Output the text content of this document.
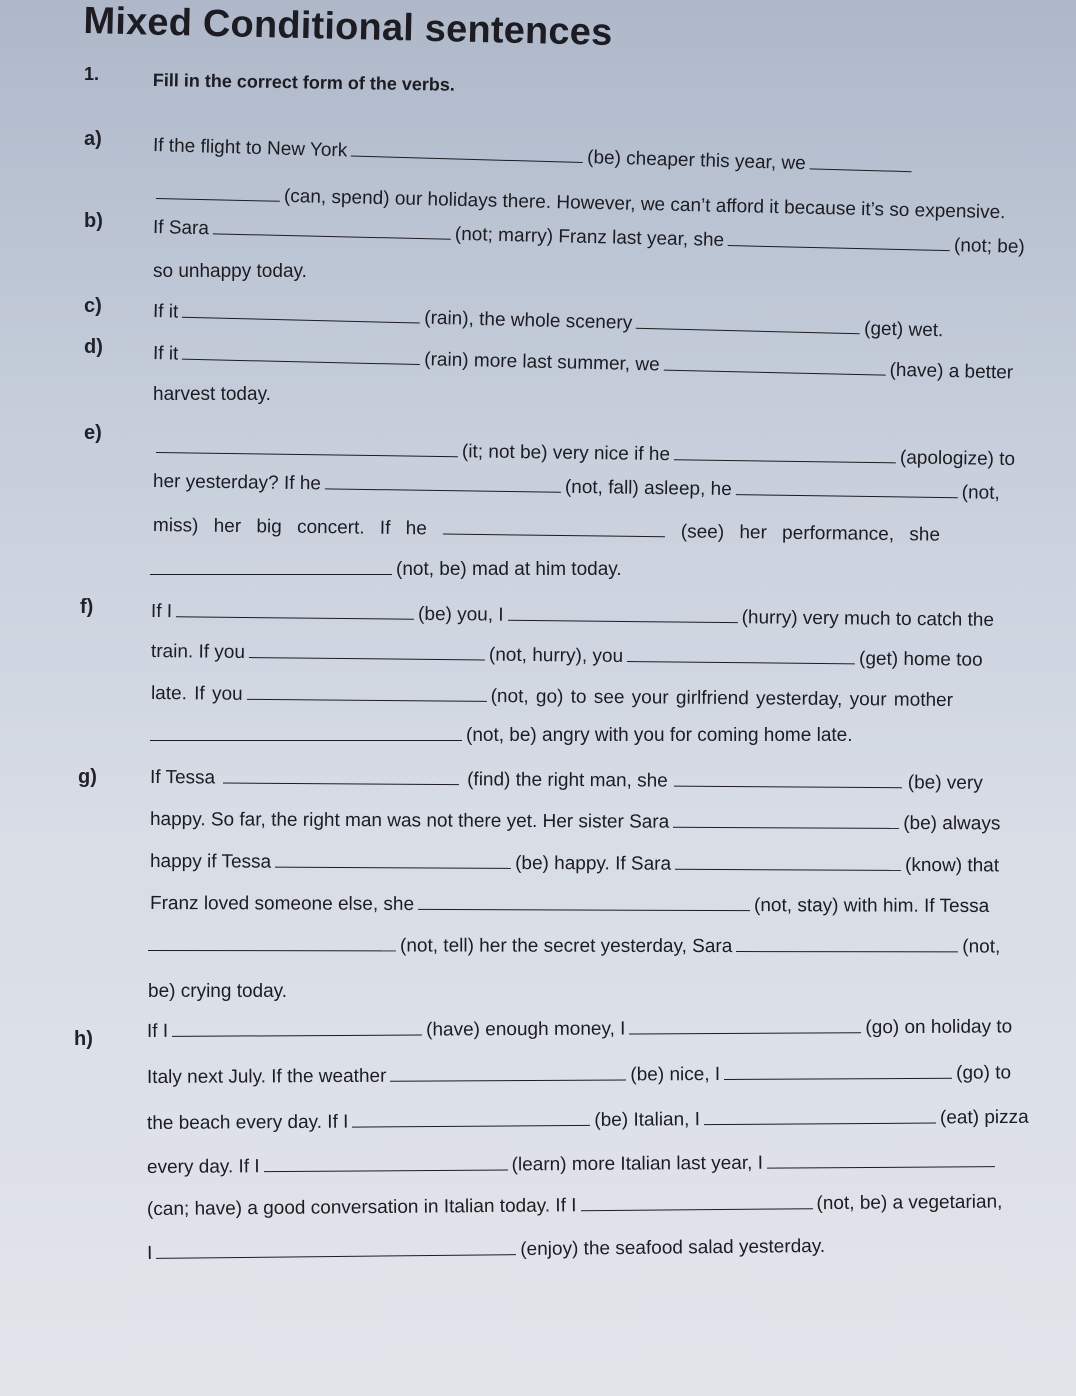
Mixed Conditional sentences
1.	Fill in the correct form of the verbs.
a)	If the flight to New York	(be) cheaper this year, we
(can, spend) our holidays there. However, we can’t afford it because it’s so expensive.
b)	If Sara	(not; marry) Franz last year, she	(not; be)
so unhappy today.
c)	If it	(rain), the whole scenery	(get) wet.
d)	If it	(rain) more last summer, we	(have) a better
harvest today.
e)
(it; not be) very nice if he	(apologize) to
her yesterday? If he	(not, fall) asleep, he	(not,
miss) her big concert. If he	(see) her performance, she
(not, be) mad at him today.
f)	If I	(be) you, I	(hurry) very much to catch the
train. If you	(not, hurry), you	(get) home too
late. If you	(not, go) to see your girlfriend yesterday, your mother
(not, be) angry with you for coming home late.
g)	If Tessa	(find) the right man, she	(be) very
happy. So far, the right man was not there yet. Her sister Sara	(be) always
happy if Tessa	(be) happy. If Sara	(know) that
Franz loved someone else, she	(not, stay) with him. If Tessa
(not, tell) her the secret yesterday, Sara	(not,
be) crying today.
h)	If I	(have) enough money, I	(go) on holiday to
Italy next July. If the weather	(be) nice, I	(go) to
the beach every day. If I	(be) Italian, I	(eat) pizza
every day. If I	(learn) more Italian last year, I
(can; have) a good conversation in Italian today. If I	(not, be) a vegetarian,
I	(enjoy) the seafood salad yesterday.
